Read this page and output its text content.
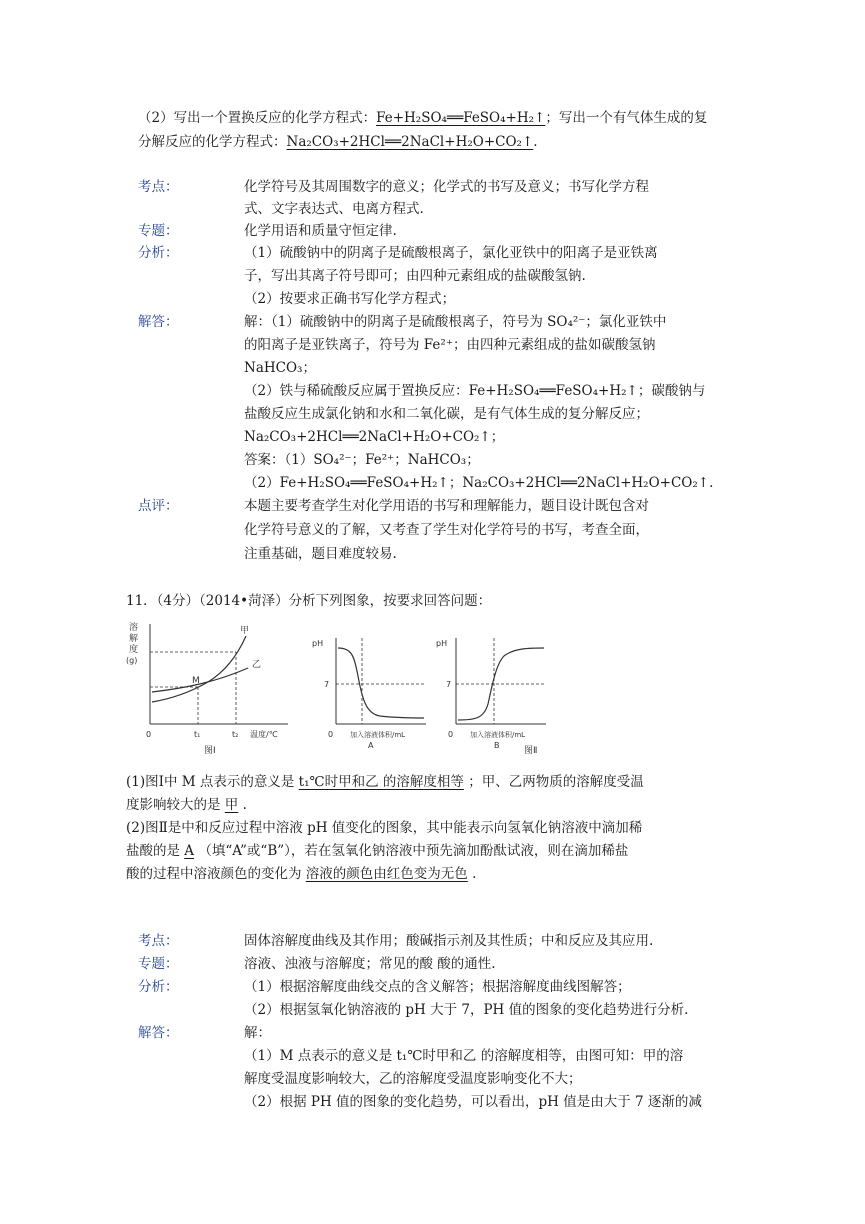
（2）写出一个置换反应的化学方程式：Fe+H₂SO₄══FeSO₄+H₂↑；写出一个有气体生成的复
分解反应的化学方程式：Na₂CO₃+2HCl══2NaCl+H₂O+CO₂↑.
考点：	化学符号及其周围数字的意义；化学式的书写及意义；书写化学方程
式、文字表达式、电离方程式.
专题：	化学用语和质量守恒定律.
分析：	（1）硫酸钠中的阴离子是硫酸根离子，氯化亚铁中的阳离子是亚铁离
子，写出其离子符号即可；由四种元素组成的盐碳酸氢钠.
（2）按要求正确书写化学方程式；
解答：	解：（1）硫酸钠中的阴离子是硫酸根离子，符号为 SO₄²⁻；氯化亚铁中
的阳离子是亚铁离子，符号为 Fe²⁺；由四种元素组成的盐如碳酸氢钠
NaHCO₃；
（2）铁与稀硫酸反应属于置换反应：Fe+H₂SO₄══FeSO₄+H₂↑；碳酸钠与
盐酸反应生成氯化钠和水和二氧化碳，是有气体生成的复分解反应；
Na₂CO₃+2HCl══2NaCl+H₂O+CO₂↑；
答案：（1）SO₄²⁻；Fe²⁺；NaHCO₃；
（2）Fe+H₂SO₄══FeSO₄+H₂↑；Na₂CO₃+2HCl══2NaCl+H₂O+CO₂↑.
点评：	本题主要考查学生对化学用语的书写和理解能力，题目设计既包含对
化学符号意义的了解，又考查了学生对化学符号的书写，考查全面，
注重基础，题目难度较易.
11．（4分）（2014•菏泽）分析下列图象，按要求回答问题：
溶
解
度
(g)
甲
乙
M
0	t₁	t₂ 温度/℃
图Ⅰ
pH
7
0 加入溶液体积/mL
A
pH
7
0 加入溶液体积/mL
B
图Ⅱ
(1)图Ⅰ中 M 点表示的意义是 t₁℃时甲和乙 的溶解度相等 ；甲、乙两物质的溶解度受温
度影响较大的是 甲 .
(2)图Ⅱ是中和反应过程中溶液 pH 值变化的图象，其中能表示向氢氧化钠溶液中滴加稀
盐酸的是 A （填“A”或“B”），若在氢氧化钠溶液中预先滴加酚酞试液，则在滴加稀盐
酸的过程中溶液颜色的变化为 溶液的颜色由红色变为无色 .
考点：	固体溶解度曲线及其作用；酸碱指示剂及其性质；中和反应及其应用.
专题：	溶液、浊液与溶解度；常见的酸 酸的通性.
分析：	（1）根据溶解度曲线交点的含义解答；根据溶解度曲线图解答；
（2）根据氢氧化钠溶液的 pH 大于 7，PH 值的图象的变化趋势进行分析.
解答：	解：
（1）M 点表示的意义是 t₁℃时甲和乙 的溶解度相等，由图可知：甲的溶
解度受温度影响较大，乙的溶解度受温度影响变化不大；
（2）根据 PH 值的图象的变化趋势，可以看出，pH 值是由大于 7 逐渐的减
